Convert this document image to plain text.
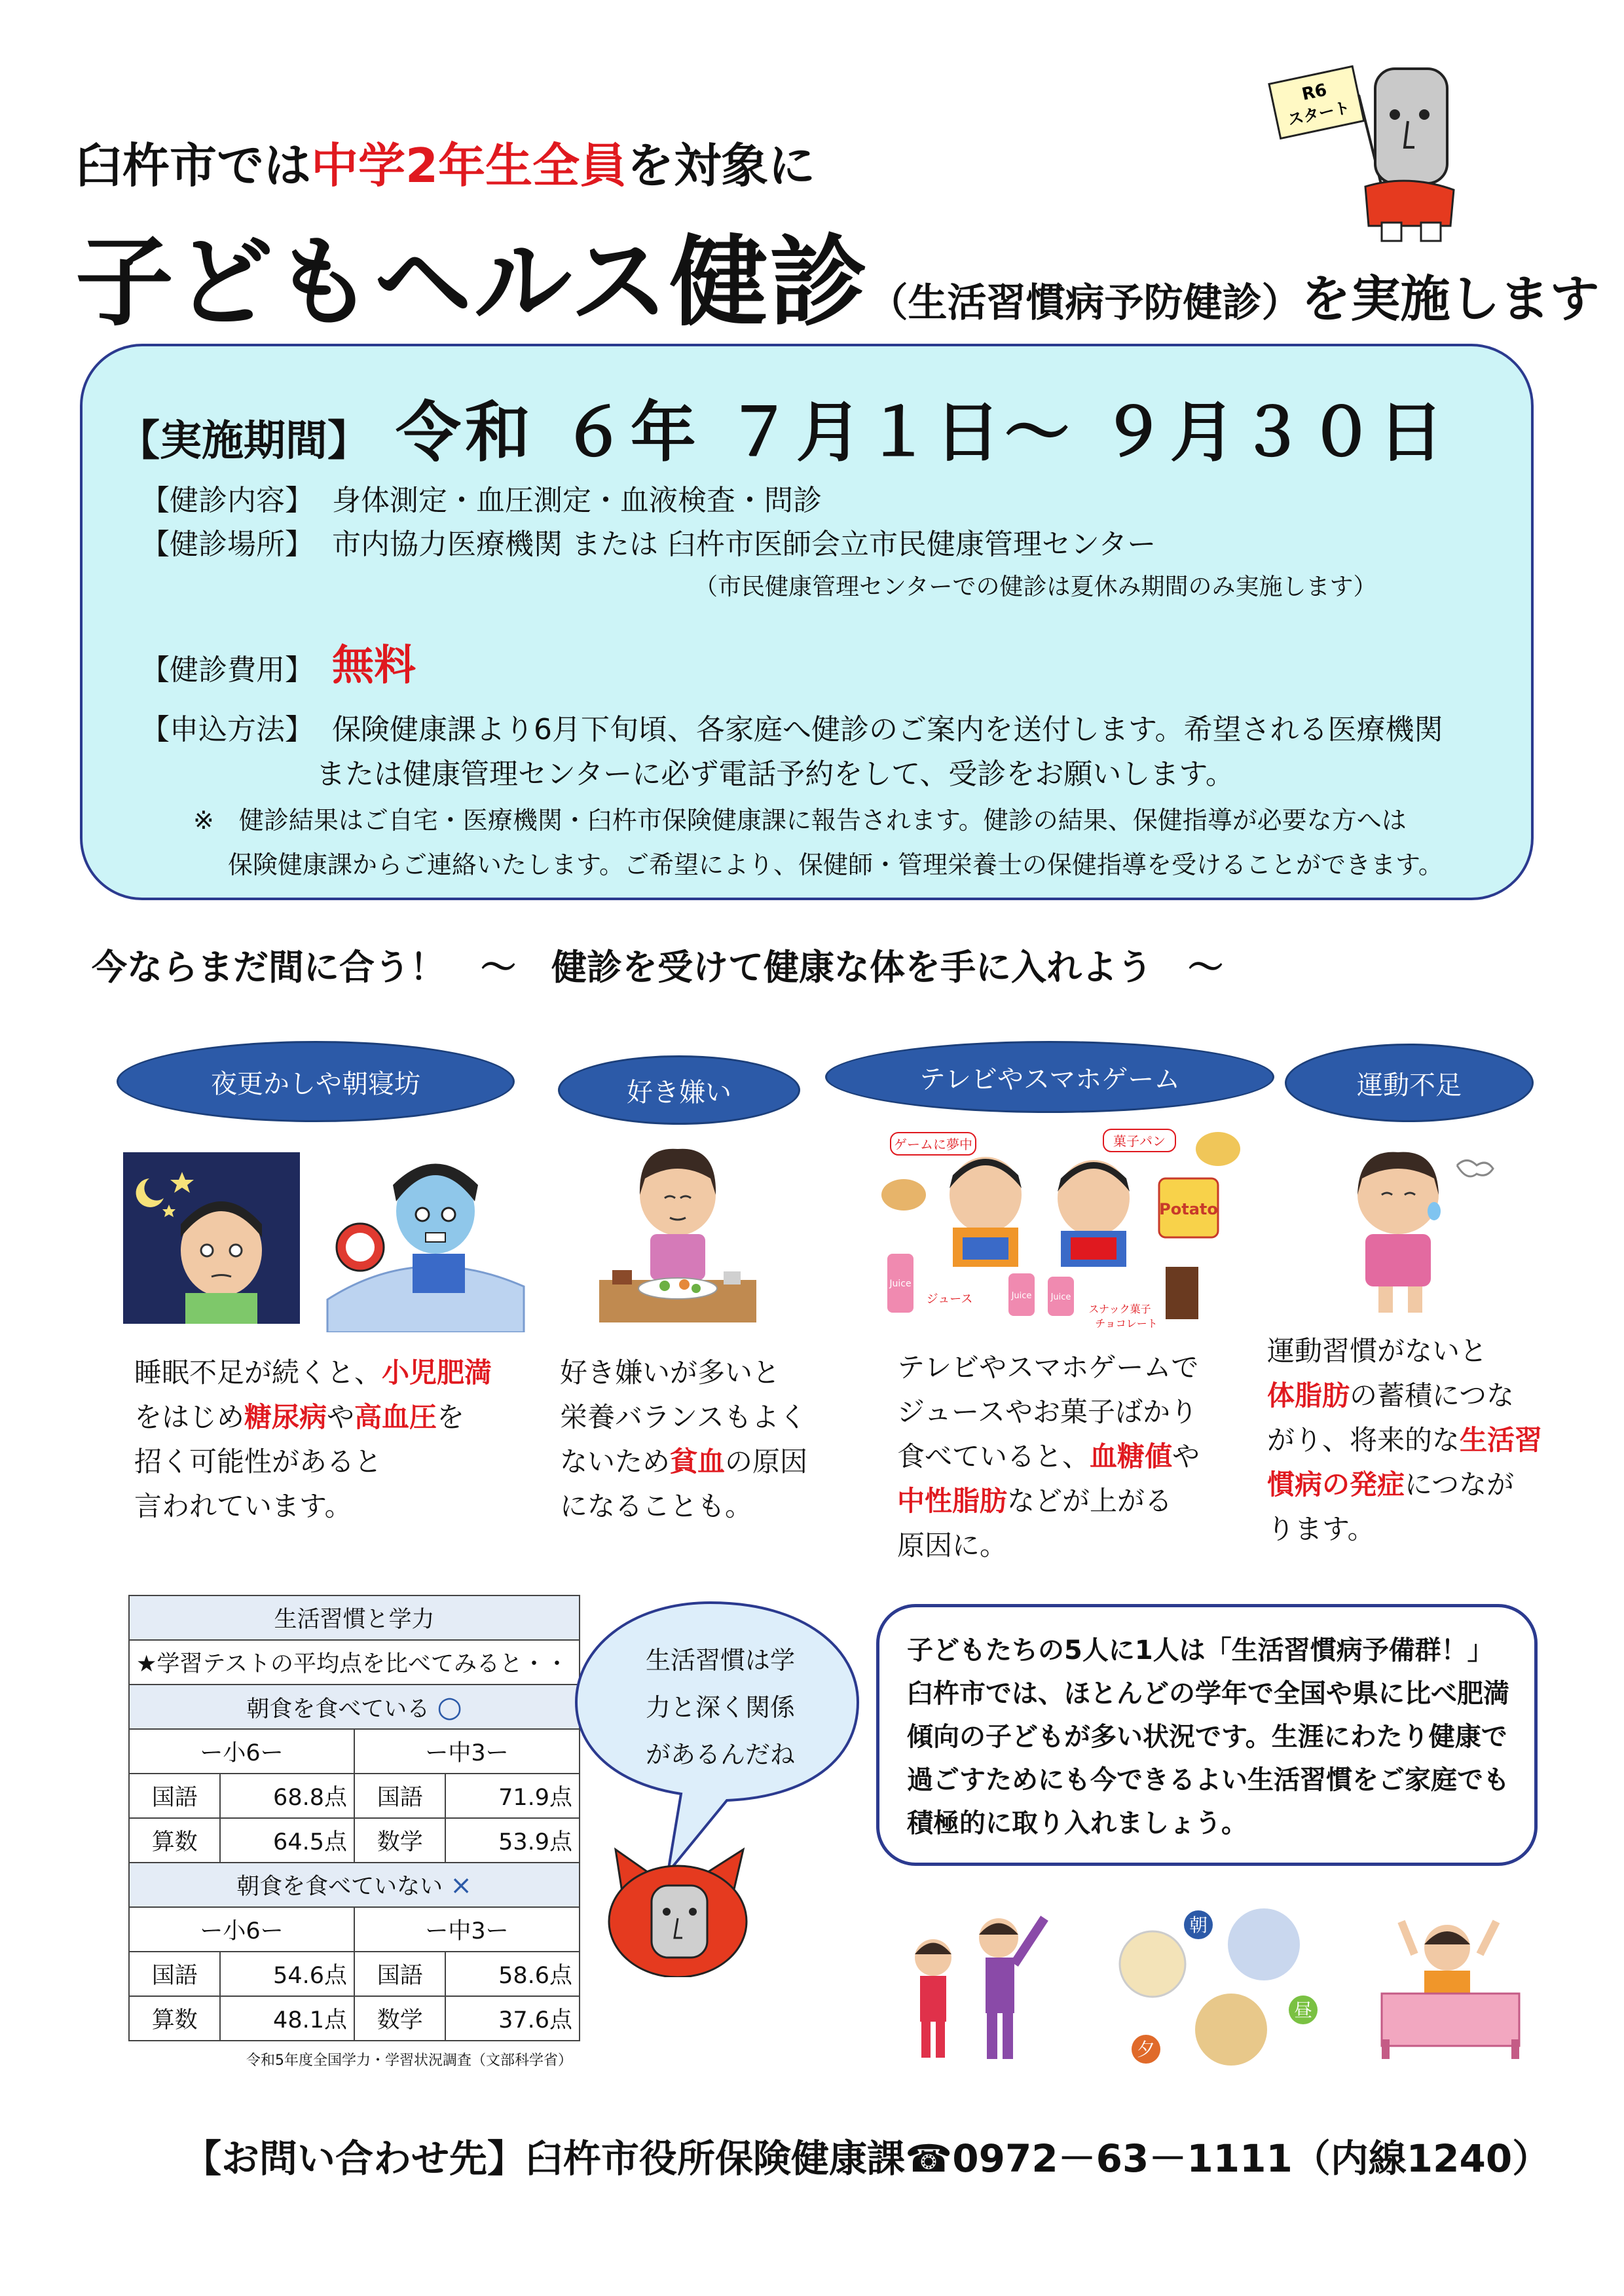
臼杵市では中学2年生全員を対象に
子どもヘルス健診（生活習慣病予防健診）を実施します
R6
スタート
【実施期間】 令和 ６年 ７月１日～ ９月３０日
【健診内容】 身体測定・血圧測定・血液検査・問診
【健診場所】 市内協力医療機関 または 臼杵市医師会立市民健康管理センター
（市民健康管理センターでの健診は夏休み期間のみ実施します）
【健診費用】 無料
【申込方法】 保険健康課より6月下旬頃、各家庭へ健診のご案内を送付します。希望される医療機関
または健康管理センターに必ず電話予約をして、受診をお願いします。
※　健診結果はご自宅・医療機関・臼杵市保険健康課に報告されます。健診の結果、保健指導が必要な方へは
保険健康課からご連絡いたします。ご希望により、保健師・管理栄養士の保健指導を受けることができます。
今ならまだ間に合う！　～　健診を受けて健康な体を手に入れよう　～
夜更かしや朝寝坊	好き嫌い	テレビやスマホゲーム	運動不足
Potato
ゲームに夢中	菓子パン
Juice
ジュース	Juice Juice
スナック菓子
チョコレート
睡眠不足が続くと、小児肥満
をはじめ糖尿病や高血圧を
招く可能性があると
言われています。
好き嫌いが多いと
栄養バランスもよく
ないため貧血の原因
になることも。
テレビやスマホゲームで
ジュースやお菓子ばかり
食べていると、血糖値や
中性脂肪などが上がる
原因に。
運動習慣がないと
体脂肪の蓄積につな
がり、将来的な生活習
慣病の発症につなが
ります。
生活習慣と学力			
★学習テストの平均点を比べてみると・・			
朝食を食べている ○			
ー小6ー		ー中3ー	
国語	68.8点	国語	71.9点
算数	64.5点	数学	53.9点
朝食を食べていない ×			
ー小6ー		ー中3ー	
国語	54.6点	国語	58.6点
算数	48.1点	数学	37.6点
令和5年度全国学力・学習状況調査（文部科学省）
生活習慣は学
力と深く関係
があるんだね
子どもたちの5人に1人は「生活習慣病予備群！」
臼杵市では、ほとんどの学年で全国や県に比べ肥満
傾向の子どもが多い状況です。生涯にわたり健康で
過ごすためにも今できるよい生活習慣をご家庭でも
積極的に取り入れましょう。
朝
昼
夕
【お問い合わせ先】臼杵市役所保険健康課☎0972－63－1111（内線1240）
